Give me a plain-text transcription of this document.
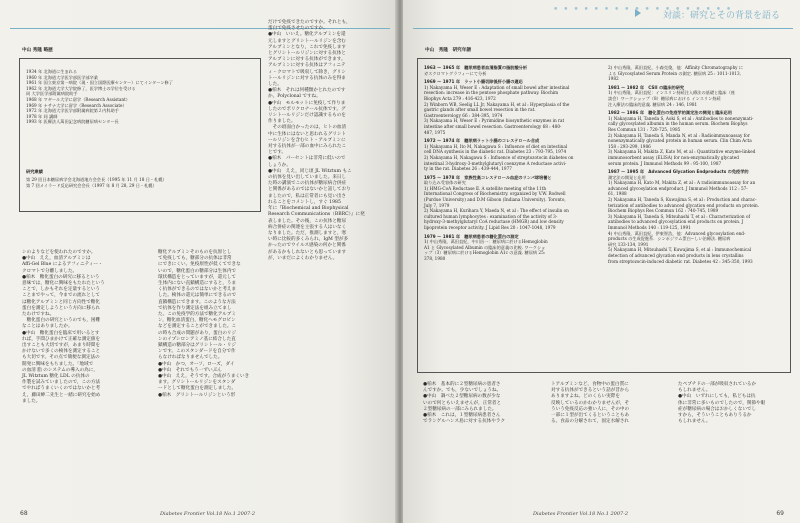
中山 秀隆 略歴
1934 年 北海道に生まれる
1960 年 北海道大学医学部医学部卒業
1961 年 国立東京第一病院（現・国立国際医療センター）にてインターン修了
1962 年 北海道大学大学院修了，医学博士の学位を受ける
同 大学医学部附属病院助手
1968 年 マギール大学に留学（Research Assistant）
1969 年 ナサナ大学に留学（Research Associate）
1972 年 北海道大学医学部附属病院第２内科助手
1978 年 同 講師
1993 年 医療法人萬田記念病院糖尿病センター長
研究業績
第 29 回日本糖尿病学会北海道地方会会長（1995 年 11 月 18 日・札幌）
第 7 回メイラード反応研究会会長（1997 年 8 月 28, 29 日・札幌）
シのよりなどを使われたのですか。
●中山　ええ，血清アルブミンは
Affi-Gel Blue によるアフィニティー・
クロマトで分離しました。
●柏木　糖化蛋白の研究に移るという
意味では，糖化に興味をもたれたという
ことで，しかもそれを定量するという
ことまでやって，今までの流れとして
は糖化アルブミンと同じ方向性で糖化
蛋白を測定しようという方向に移られ
たわけですね。
　糖化蛋白の研究というのでも，困難
なことはありましたか。
●中山　糖化蛋白を臨床で用いるとす
れば，手間ひまかけて正確な測定値を
出すことも大切ですが，あまり時間を
かけないで多くの検体を測定すること
も大切です。その点で簡便な測定法の
開発に興味をもちました。「地域で
の血清 脂 のシステムの導入の為に，
JL Witztum 糖化 LDL の抗体の
作製を試みていましたので，この方法
でやればうまくいくのではないかと考
え，藤田紳二先生と一緒に研究を始め
ました。
糖化アルブミンそのものを抗原とし
て免疫しても，糖部分の抗体は非常
にできにくい。免疫原性が低くてできな
いので，糖化蛋白の糖部分は生体内で
環状構造をとっていますが，還元して
生体内にない直鎖構造にすると，うま
く抗体ができるのではないかと考えま
した。検体の還元は簡単にできるので
直鎖構造にできます。このような方法
で抗体を作り測定法を組み立てまし
た。この免疫学的方法で糖化アルブミ
ン，糖化血清蛋白，糖化ヘモグロビン
などを測定することができました。こ
の時も合成の問題があり，蛋白のリジ
ンのイプシロンアミノ基に結合した直
鎖構造の糖部分はグリシトール・リジ
ンです。このスタンダードを自分で作
らなければなりませんでした。
●中山　かつ，オーソ，ローズ，ダイ
●中山　それでもう一ずいぶん
●中山　ええ，そうです。合成がうまくいき
ます。グリシトールリジンをスタンダ
ードとして糖化蛋白を測定しました。
●柏木　グリシトールリジンという形
だけで免疫できたのですか。それとも，
蛋白で免疫させたのですか。
●中山　いいえ。糖化アルブミンを還
元しますとグリシトールリジンを含む
アルブミンとなり，これで免疫します
とグリシトールリジンに対する抗体と
アルブミンに対する抗体ができます。
アルブミンに対する抗体はアフィニテ
ィ・クロマトで吸収して除き，グリシ
トールリジンに対する抗体のみを得ま
した。
●柏木　それは何種類かとれたのです
か。Polyclonal ですね。
●中山　モルモットに免疫して作りま
したのでポリクロナール抗体です。グ
リシトールリジンだけ認識するものを
作りました。
　その頃面白かったのは，ヒトの血清
中に生体にはないと思われるグリシト
ールリジンを含むヒト・アルブミンに
対する抗体が一部の血中にみられたこ
とです。
●柏木　パーセントは非常に低いので
しょうか。
●中山　ええ，同じ頃 JL Witztum もこ
の抗体を見い出していました。来日し
た時の講演でこの抗体が糖尿病合併症
と関係があるのではないかと話しており
ましたので，私は正常者にも見い出さ
れることをコメントし，すぐ 1985
年に『Biochemical and Biophysical
Research Communications（BBRC）』に発
表しました。その後，この抗体と糖尿
病合併症の関連を主張する人はいなく
なりました。ただ，推測しますと，寒
い時に比較的多くみられ，IgM 型が多
かったのでウイルス感染の何かと関係
があるかもしれないとも思っています
が，いまだによくわかりません。
68	Diabetes Frontier Vol.18 No.1 2007-2
• • • • • • • • • • • • • • • • • •
対談：研究とその背景を語る
中山　秀隆　研究年譜
1963 〜 1965 年　糖尿病患者血清脂質の脂肪酸分析
ガスクロマトグラフィーにて分析
1969 〜 1971 年　ラット小腸切除後肝小腸の適応
1) Nakayama H, Weser E : Adaptation of small bowel after intestinal
resection: increase in the pentose phosphate pathway. Biochim
Biophys Acta 279 : 416-423, 1972
2) Winborn WB, Seelig LL Jr, Nakayama H, et al : Hyperplasia of the
gastric glands after small bowel resection in the rat.
Gastroenterology 66 : 384-395, 1974
3) Nakayama H, Weser E : Pyrimidine biosynthetic enzymes in rat
intestine after small bowel resection. Gastroenterology 68 : 480-
487, 1975
1972 〜 1974 年　糖尿病ラット小腸のコレステロール合成
1) Nakayama H, Ito M, Nakagawa S : Influence of diet on intestinal
cell DNA synthesis in the diabetic rat. Diabetes 23 : 793-795, 1974
2) Nakayama H, Nakagawa S : Influence of streptozotocin diabetes on
intestinal 3-hydroxy-3-methylglutaryl coenzyme A reductase activi-
ty in the rat. Diabetes 26 : 439-444, 1977
1975 〜 1978 年　家族性高コレステロール血症のリンパ球培養と
取り込み受容体の研究
1) HMG-CoA Reductase Ⅱ. A satellite meeting of the 11th
International Congress of Biochemistry. organized by V.W. Rodwell
(Purdue University) and D.M Gibson (Indiana University). Toronto,
July 7, 1979
2) Nakayama H, Kurihara Y, Maeda N, et al : The effect of insulin on
cultured human lymphocytes : examination of the activity of 3-
hydroxy-3-methylglutaryl CoA reductase (HMGR) and low density
lipoprotein receptor activity. J Lipid Res 20 : 1047-1048, 1979
1979 〜 1981 年　糖尿病患者の糖化蛋白の測定
1) 中山秀隆，萬田直紀，中川昌一：糖尿病に於けるHemoglobin
A1 と Glycosylated Albumin の臨床的意義の比較. ワークショ
ップ（3）糖尿病に於けるHemoglobin A1c の意義. 糖尿病 25:
378, 1980
2) 中山秀隆，萬田直紀，小森克俊，他：Affinity Chromatography に
よる Glycosylated Serum Protein の測定. 糖尿病 25 : 1011-1013,
1982
1981 〜 1982 年　CSII の臨床的研究
1) 中山秀隆，萬田直紀：インスリン持続注入療法の基礎と臨床（座
談会）ワークショップ（8）糖尿病における インスリン持続
注入療法の臨床的意義. 糖尿病 24 : 146, 1981
1982 〜 1986 年　糖化蛋白の免疫学的測定法の開発と臨床応用
1) Nakayama H, Taneda S, Aoki S, et al : Antibodies to nonenzymati-
cally glycosylated albumin in the human serum. Biochem Biophys
Res Commun 131 : 720-725, 1985
2) Nakayama H, Taneda S, Manda N, et al : Radioimmunoassay for
nonenzymatically glycated protein in human serum. Clin Chim Acta
158 : 293-299, 1986
3) Nakayama H, Makita Z, Kato M, et al : Quantitative enzyme-linked
immunosorbent assay (ELISA) for non-enzymatically glycated
serum protein. J Immunol Methods 99 : 95-100, 1987
1987 〜 1995 年　Advanced Glycation Endproducts の免疫学的
測定法の開発と応用
1) Nakayama H, Kato M, Makita Z, et al : A radioimmunoassay for an
advanced glycosylation endproduct. J Immunol Methods 112 : 57-
61, 1988
2) Nakayama H, Taneda S, Kuwajima S, et al : Production and charac-
terization of antibodies to advanced glycation end products on protein.
Biochem Biophys Res Commun 162 : 740-745, 1989
3) Nakayama H, Taneda S, Mitsuhashi T, et al : Characterization of
antibodies to advanced glycosylation end products on protein. J
Immunol Methods 140 : 119-125, 1991
4) 中山秀隆，萬田直紀，伊東智浩，他：Advanced glycosylation end-
products の生成促進系．シンポジウム蛋白−しい治療法. 糖尿病
研究 133-134, 1991
5) Nakayama H, Mitsuhashi T, Kuwajima S, et al : Immunochemical
detection of advanced glycation end products in lens crystallins
from streptozocin-induced diabetic rat. Diabetes 42 : 345-350, 1993
●柏木　基本的に２型糖尿病の患者さ
んですか。でも，少ないでしょうね。
●中山　調べた２型糖尿病の数が少な
いので何ともいえませんが，正常者と
２型糖尿病の一部にみられました。
●柏木　これは，１型糖尿病患者さん
でランゲルハンス島に対する抗体やラク
トアルブミンなど，食物中の蛋白質に
対する抗体ができるという話が昔から
ありますよね。どのくらい実際を
反映しているのかわかりませんが，そ
ういう免疫反応の強い人に，その中の
一部に１型が出てくるということもあ
る。食品の分解されて，固定水解され
たペプチドの一部が吸収されているか
もしれません。
●中山　いずれにしても，私どもは抗
体に非常に多いものでしたので，関節や眼
症が糖尿病の場合はおかしくないでし
すから，そういうこともありうるか
もしれません。
Diabetes Frontier Vol.18 No.1 2007-2	69
